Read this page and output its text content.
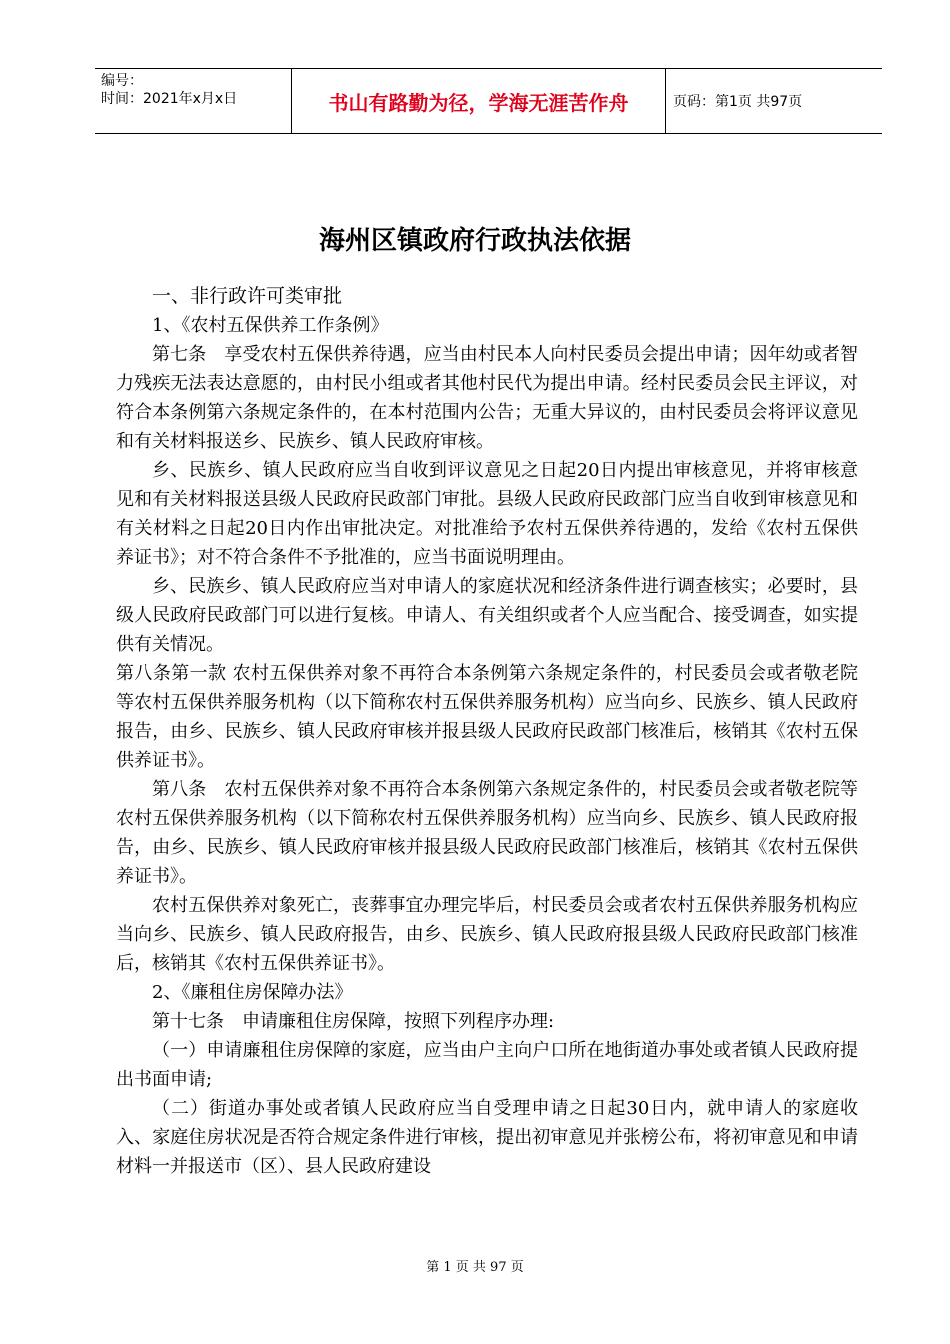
编号：
时间：2021年x月x日	书山有路勤为径，学海无涯苦作舟	页码：第1页 共97页
海州区镇政府行政执法依据

一、非行政许可类审批

1、《农村五保供养工作条例》

第七条　享受农村五保供养待遇，应当由村民本人向村民委员会提出申请；因年幼或者智力残疾无法表达意愿的，由村民小组或者其他村民代为提出申请。经村民委员会民主评议，对符合本条例第六条规定条件的，在本村范围内公告；无重大异议的，由村民委员会将评议意见和有关材料报送乡、民族乡、镇人民政府审核。

乡、民族乡、镇人民政府应当自收到评议意见之日起20日内提出审核意见，并将审核意见和有关材料报送县级人民政府民政部门审批。县级人民政府民政部门应当自收到审核意见和有关材料之日起20日内作出审批决定。对批准给予农村五保供养待遇的，发给《农村五保供养证书》；对不符合条件不予批准的，应当书面说明理由。

乡、民族乡、镇人民政府应当对申请人的家庭状况和经济条件进行调查核实；必要时，县级人民政府民政部门可以进行复核。申请人、有关组织或者个人应当配合、接受调查，如实提供有关情况。

第八条第一款 农村五保供养对象不再符合本条例第六条规定条件的，村民委员会或者敬老院等农村五保供养服务机构（以下简称农村五保供养服务机构）应当向乡、民族乡、镇人民政府报告，由乡、民族乡、镇人民政府审核并报县级人民政府民政部门核准后，核销其《农村五保供养证书》。

第八条　农村五保供养对象不再符合本条例第六条规定条件的，村民委员会或者敬老院等农村五保供养服务机构（以下简称农村五保供养服务机构）应当向乡、民族乡、镇人民政府报告，由乡、民族乡、镇人民政府审核并报县级人民政府民政部门核准后，核销其《农村五保供养证书》。

农村五保供养对象死亡，丧葬事宜办理完毕后，村民委员会或者农村五保供养服务机构应当向乡、民族乡、镇人民政府报告，由乡、民族乡、镇人民政府报县级人民政府民政部门核准后，核销其《农村五保供养证书》。

2、《廉租住房保障办法》

第十七条　申请廉租住房保障，按照下列程序办理:

（一）申请廉租住房保障的家庭，应当由户主向户口所在地街道办事处或者镇人民政府提出书面申请;

（二）街道办事处或者镇人民政府应当自受理申请之日起30日内，就申请人的家庭收入、家庭住房状况是否符合规定条件进行审核，提出初审意见并张榜公布，将初审意见和申请材料一并报送市（区）、县人民政府建设

第 1 页 共 97 页
